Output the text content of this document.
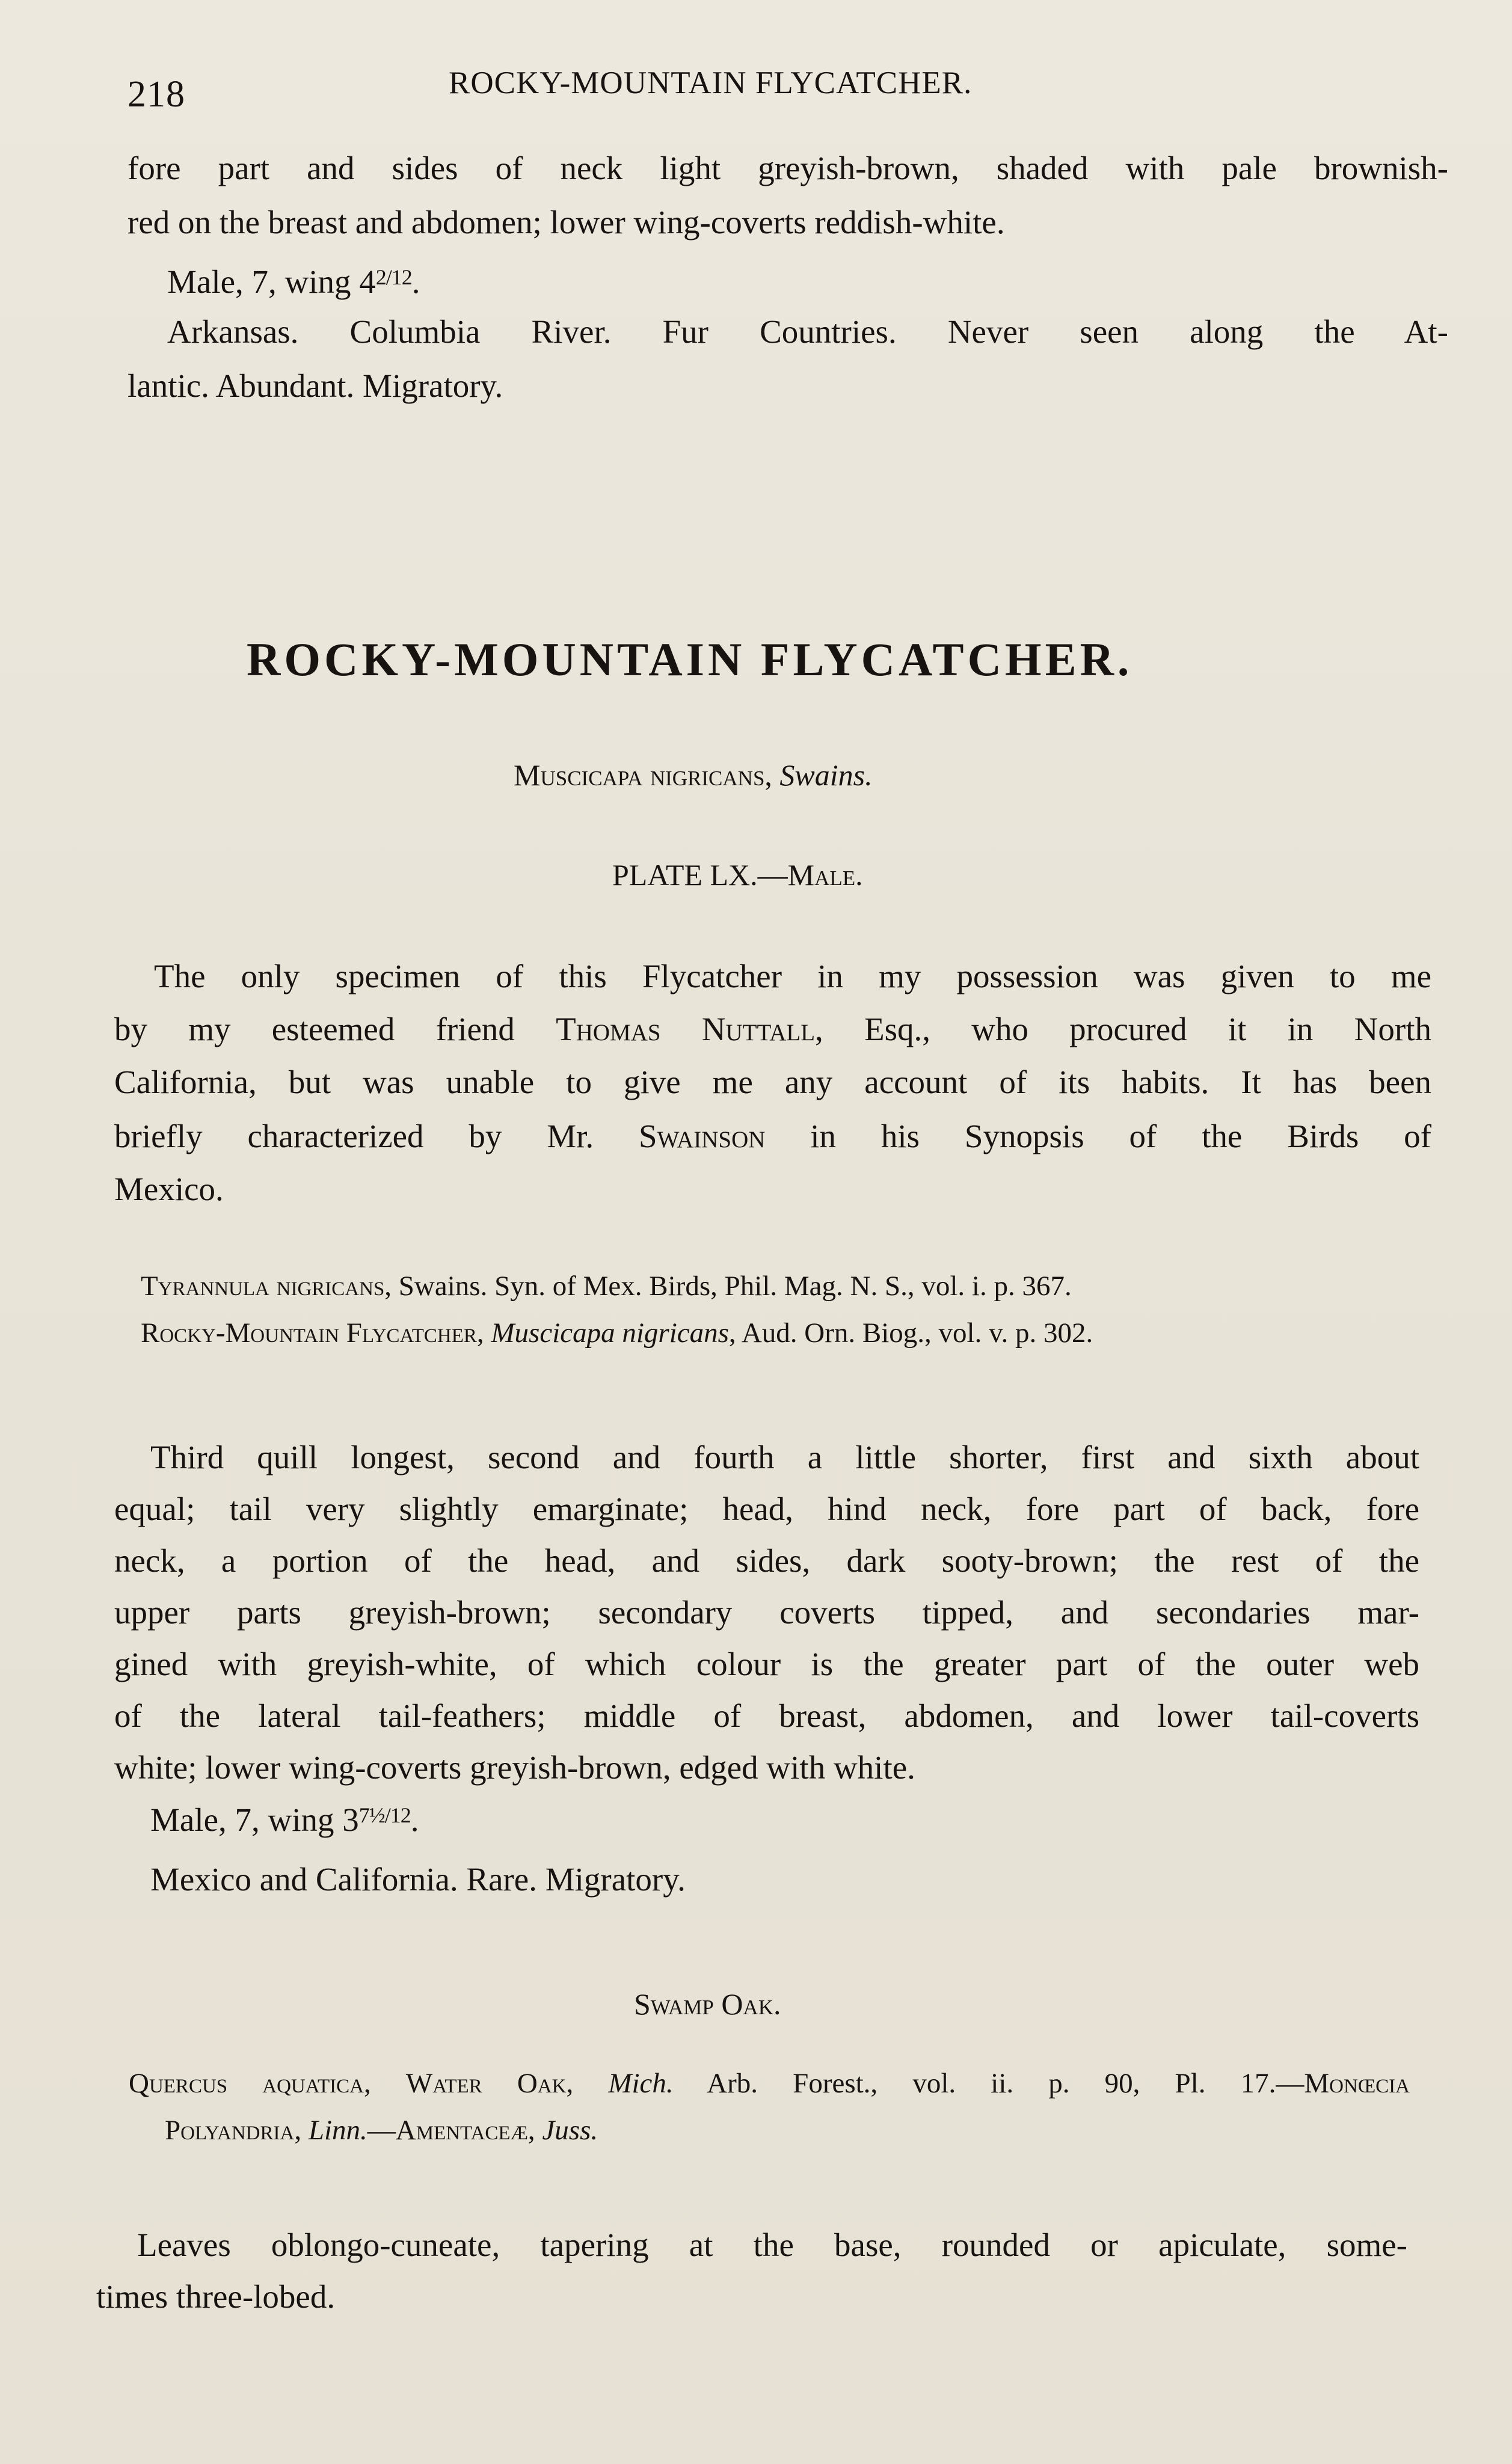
218	ROCKY-MOUNTAIN FLYCATCHER.
fore part and sides of neck light greyish-brown, shaded with pale brownish-
red on the breast and abdomen; lower wing-coverts reddish-white.
Male, 7, wing $4^{2/12}$.
Arkansas. Columbia River. Fur Countries. Never seen along the At-
lantic. Abundant. Migratory.
ROCKY-MOUNTAIN FLYCATCHER.
Muscicapa nigricans, Swains.
PLATE LX.—Male.
The only specimen of this Flycatcher in my possession was given to me
by my esteemed friend Thomas Nuttall, Esq., who procured it in North
California, but was unable to give me any account of its habits. It has been
briefly characterized by Mr. Swainson in his Synopsis of the Birds of
Mexico.
Tyrannula nigricans, Swains. Syn. of Mex. Birds, Phil. Mag. N. S., vol. i. p. 367.
Rocky-Mountain Flycatcher, Muscicapa nigricans, Aud. Orn. Biog., vol. v. p. 302.
Third quill longest, second and fourth a little shorter, first and sixth about
equal; tail very slightly emarginate; head, hind neck, fore part of back, fore
neck, a portion of the head, and sides, dark sooty-brown; the rest of the
upper parts greyish-brown; secondary coverts tipped, and secondaries mar-
gined with greyish-white, of which colour is the greater part of the outer web
of the lateral tail-feathers; middle of breast, abdomen, and lower tail-coverts
white; lower wing-coverts greyish-brown, edged with white.
Male, 7, wing $3^{7\frac{1}{2}/12}$.
Mexico and California. Rare. Migratory.
Swamp Oak.
Quercus aquatica, Water Oak, Mich. Arb. Forest., vol. ii. p. 90, Pl. 17.—Monœcia
Polyandria, Linn.—Amentaceæ, Juss.
Leaves oblongo-cuneate, tapering at the base, rounded or apiculate, some-
times three-lobed.
